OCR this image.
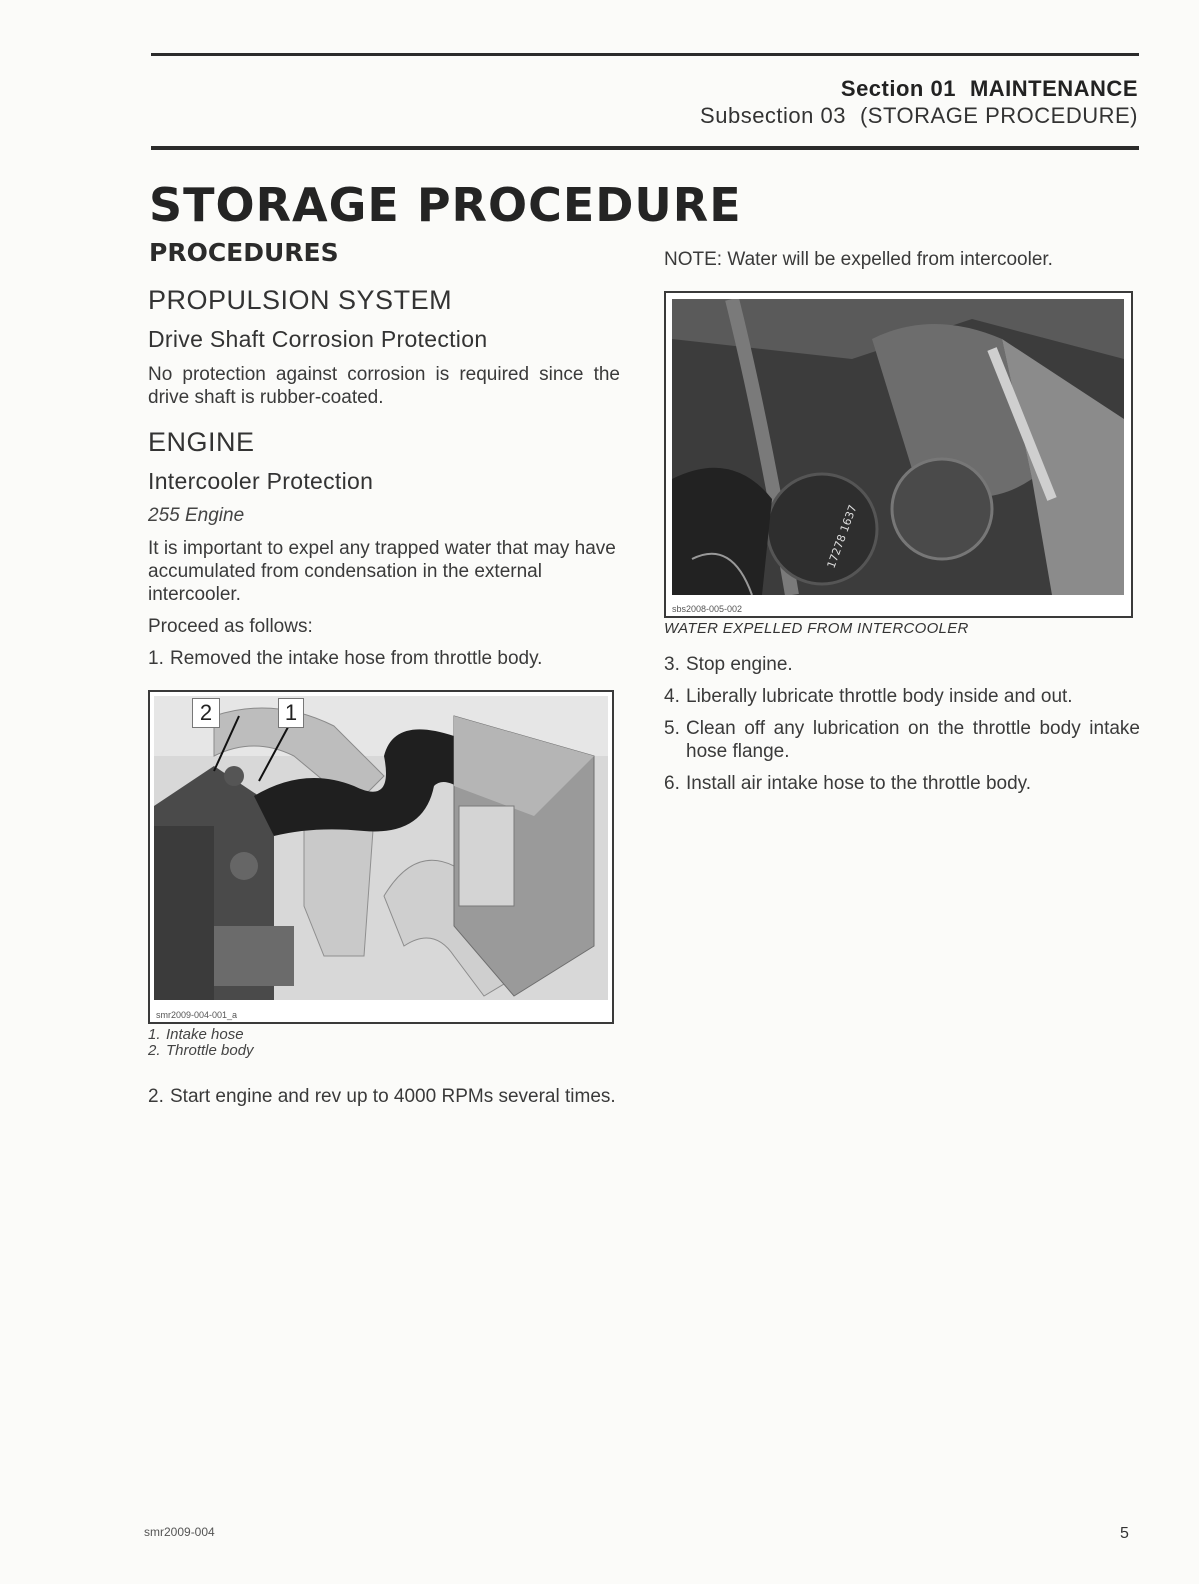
Section 01 MAINTENANCE
Subsection 03 (STORAGE PROCEDURE)
STORAGE PROCEDURE
PROCEDURES
PROPULSION SYSTEM
Drive Shaft Corrosion Protection

No protection against corrosion is required since the drive shaft is rubber-coated.

ENGINE
Intercooler Protection
255 Engine

It is important to expel any trapped water that may have accumulated from condensation in the external intercooler.

Proceed as follows:

1. Removed the intake hose from throttle body.
2	1
smr2009-004-001_a
1. Intake hose
2. Throttle body
2. Start engine and rev up to 4000 RPMs several times.

NOTE: Water will be expelled from intercooler.

17278 1637
sbs2008-005-002
WATER EXPELLED FROM INTERCOOLER
3. Stop engine.
4. Liberally lubricate throttle body inside and out.
5. Clean off any lubrication on the throttle body intake hose flange.
6. Install air intake hose to the throttle body.
smr2009-004	5
